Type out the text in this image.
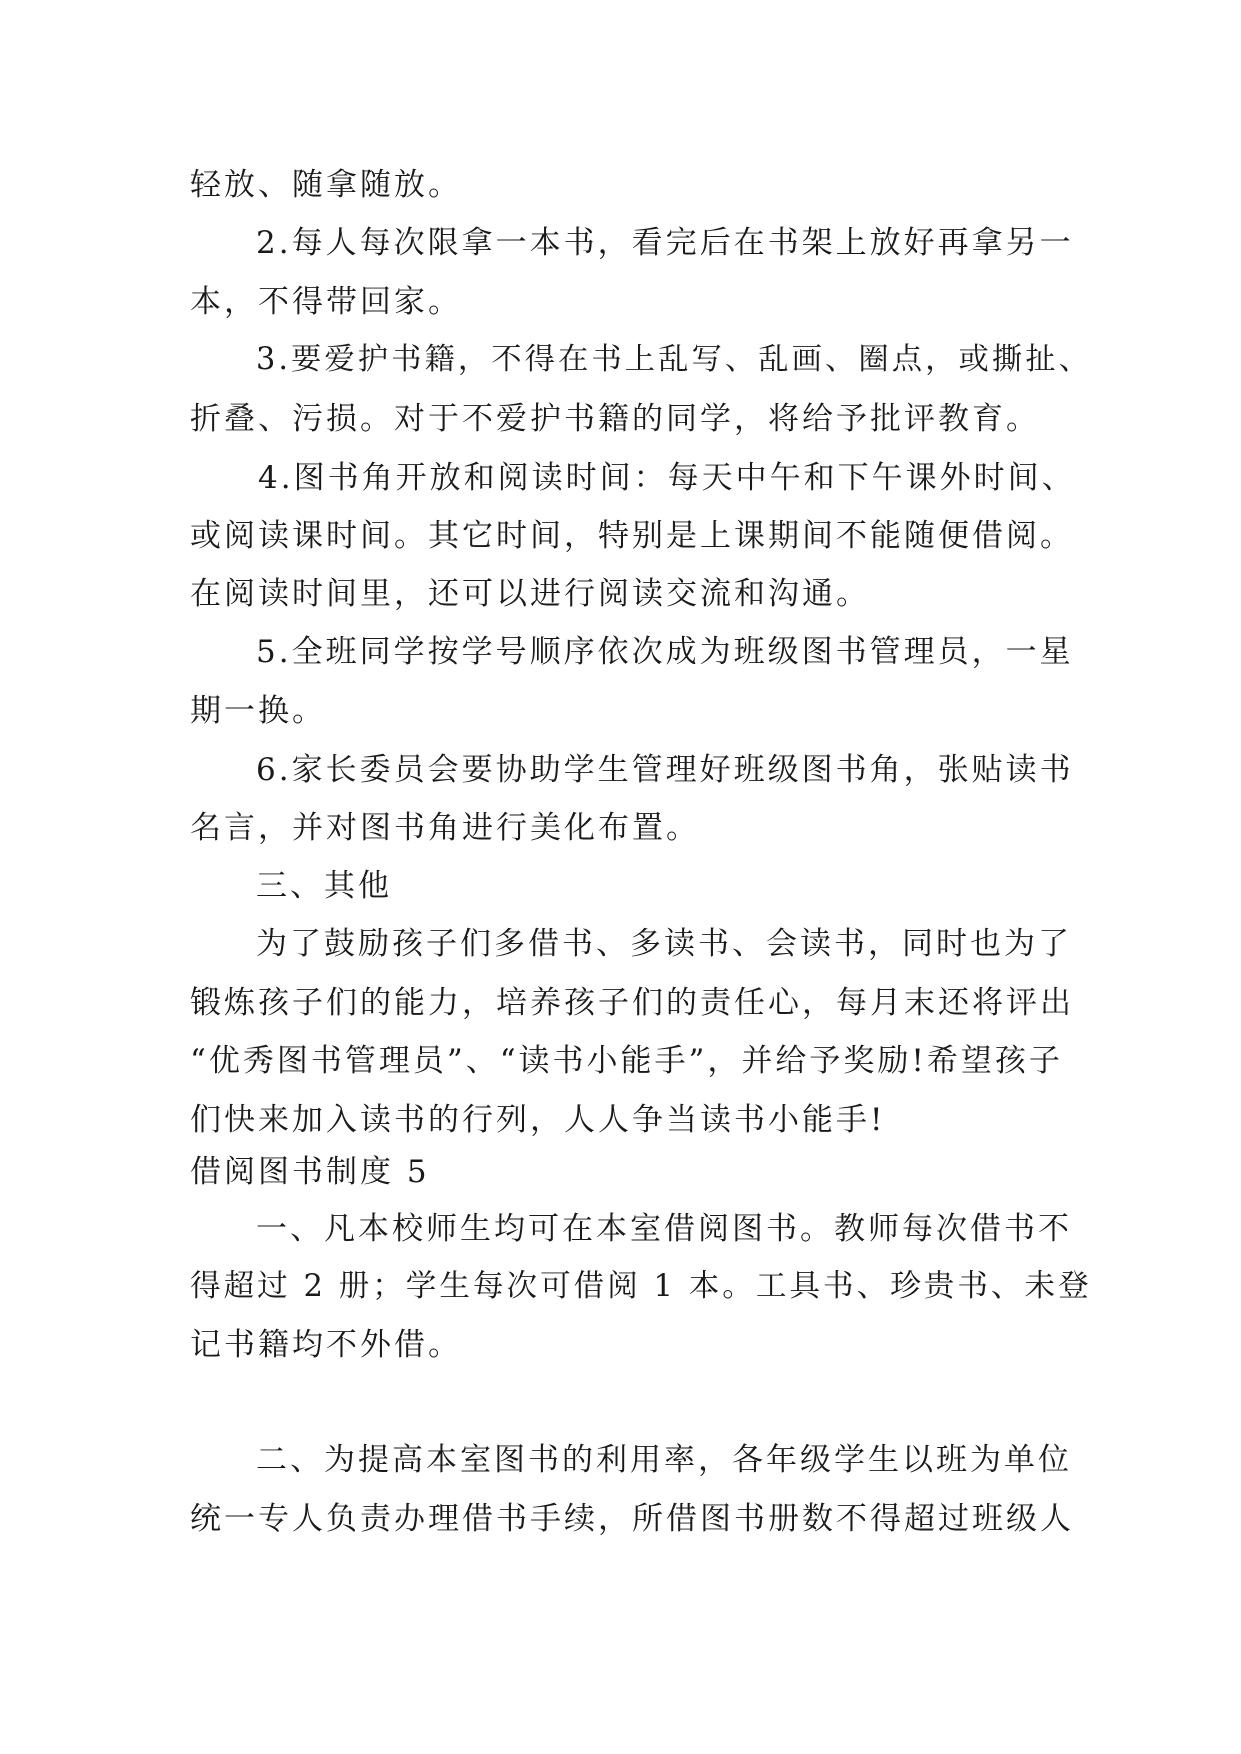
轻放、随拿随放。

2.每人每次限拿一本书，看完后在书架上放好再拿另一

本，不得带回家。

3.要爱护书籍，不得在书上乱写、乱画、圈点，或撕扯、

折叠、污损。对于不爱护书籍的同学，将给予批评教育。

4.图书角开放和阅读时间：每天中午和下午课外时间、

或阅读课时间。其它时间，特别是上课期间不能随便借阅。

在阅读时间里，还可以进行阅读交流和沟通。

5.全班同学按学号顺序依次成为班级图书管理员，一星

期一换。

6.家长委员会要协助学生管理好班级图书角，张贴读书

名言，并对图书角进行美化布置。

三、其他

为了鼓励孩子们多借书、多读书、会读书，同时也为了

锻炼孩子们的能力，培养孩子们的责任心，每月末还将评出

“优秀图书管理员”、“读书小能手”，并给予奖励!希望孩子

们快来加入读书的行列，人人争当读书小能手!

借阅图书制度 5

一、凡本校师生均可在本室借阅图书。教师每次借书不

得超过 2 册；学生每次可借阅 1 本。工具书、珍贵书、未登

记书籍均不外借。

二、为提高本室图书的利用率，各年级学生以班为单位

统一专人负责办理借书手续，所借图书册数不得超过班级人
